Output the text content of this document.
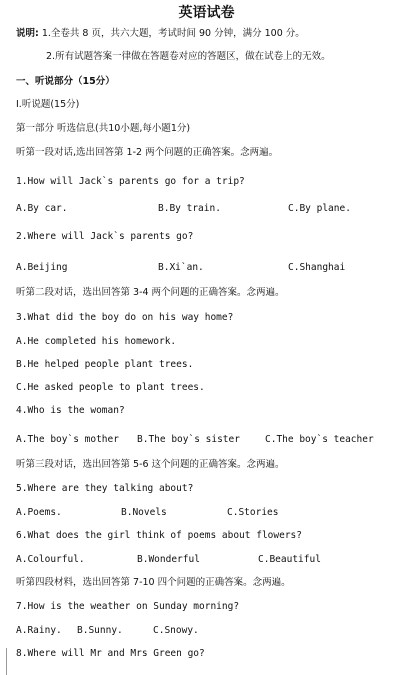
英语试卷
说明: 1.全卷共 8 页，共六大题，考试时间 90 分钟，满分 100 分。
2.所有试题答案一律做在答题卷对应的答题区，做在试卷上的无效。
一、听说部分（15分）
Ⅰ.听说题(15分)
第一部分 听选信息(共10小题,每小题1分)
听第一段对话,选出回答第 1-2 两个问题的正确答案。念两遍。
1.How will Jack`s parents go for a trip?
A.By car.	B.By train.	C.By plane.
2.Where will Jack`s parents go?
A.Beijing	B.Xi`an.	C.Shanghai
听第二段对话，选出回答第 3-4 两个问题的正确答案。念两遍。
3.What did the boy do on his way home?
A.He completed his homework.
B.He helped people plant trees.
C.He asked people to plant trees.
4.Who is the woman?
A.The boy`s mother B.The boy`s sister	C.The boy`s teacher
听第三段对话，选出回答第 5-6 这个问题的正确答案。念两遍。
5.Where are they talking about?
A.Poems.	B.Novels	C.Stories
6.What does the girl think of poems about flowers?
A.Colourful.	B.Wonderful	C.Beautiful
听第四段材料，选出回答第 7-10 四个问题的正确答案。念两遍。
7.How is the weather on Sunday morning?
A.Rainy. B.Sunny.	C.Snowy.
8.Where will Mr and Mrs Green go?
